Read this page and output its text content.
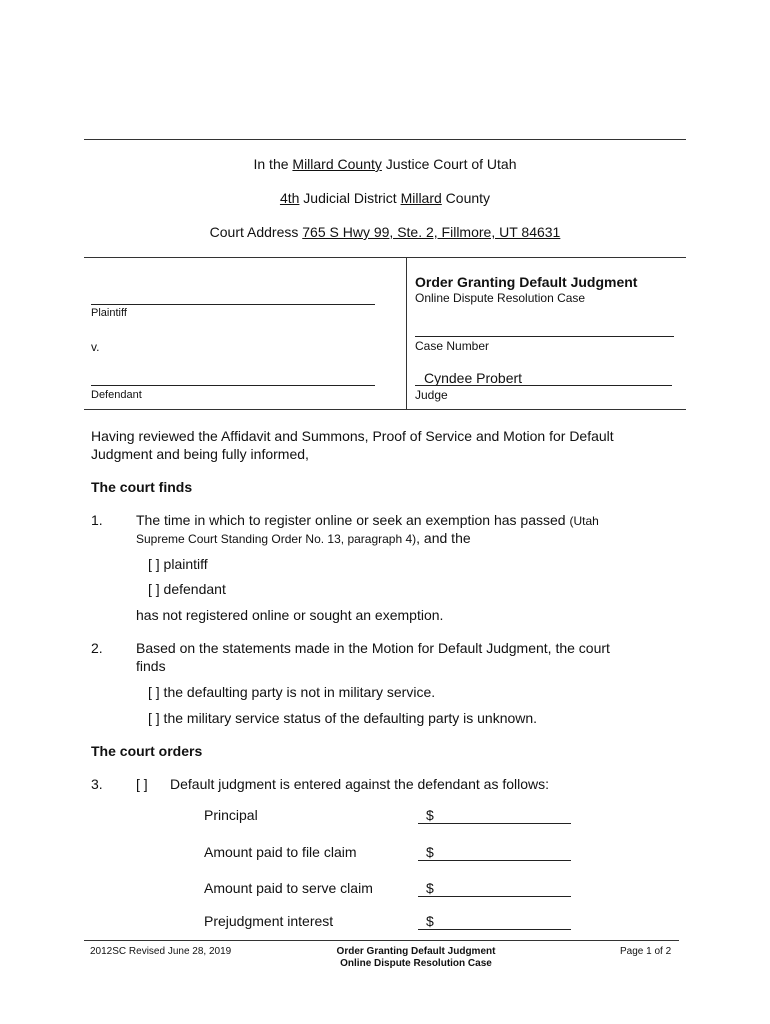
In the Millard County Justice Court of Utah
4th Judicial District Millard County
Court Address 765 S Hwy 99, Ste. 2, Fillmore, UT 84631
Plaintiff
v.
Defendant
Order Granting Default Judgment
Online Dispute Resolution Case
Case Number
Cyndee Probert
Judge
Having reviewed the Affidavit and Summons, Proof of Service and Motion for Default
Judgment and being fully informed,
The court finds
1. The time in which to register online or seek an exemption has passed (Utah
Supreme Court Standing Order No. 13, paragraph 4), and the
[ ] plaintiff
[ ] defendant
has not registered online or sought an exemption.
2. Based on the statements made in the Motion for Default Judgment, the court
finds
[ ] the defaulting party is not in military service.
[ ] the military service status of the defaulting party is unknown.
The court orders
3. [ ] Default judgment is entered against the defendant as follows:
Principal	$
Amount paid to file claim	$
Amount paid to serve claim	$
Prejudgment interest	$
2012SC Revised June 28, 2019	Order Granting Default Judgment
Online Dispute Resolution Case
Page 1 of 2
